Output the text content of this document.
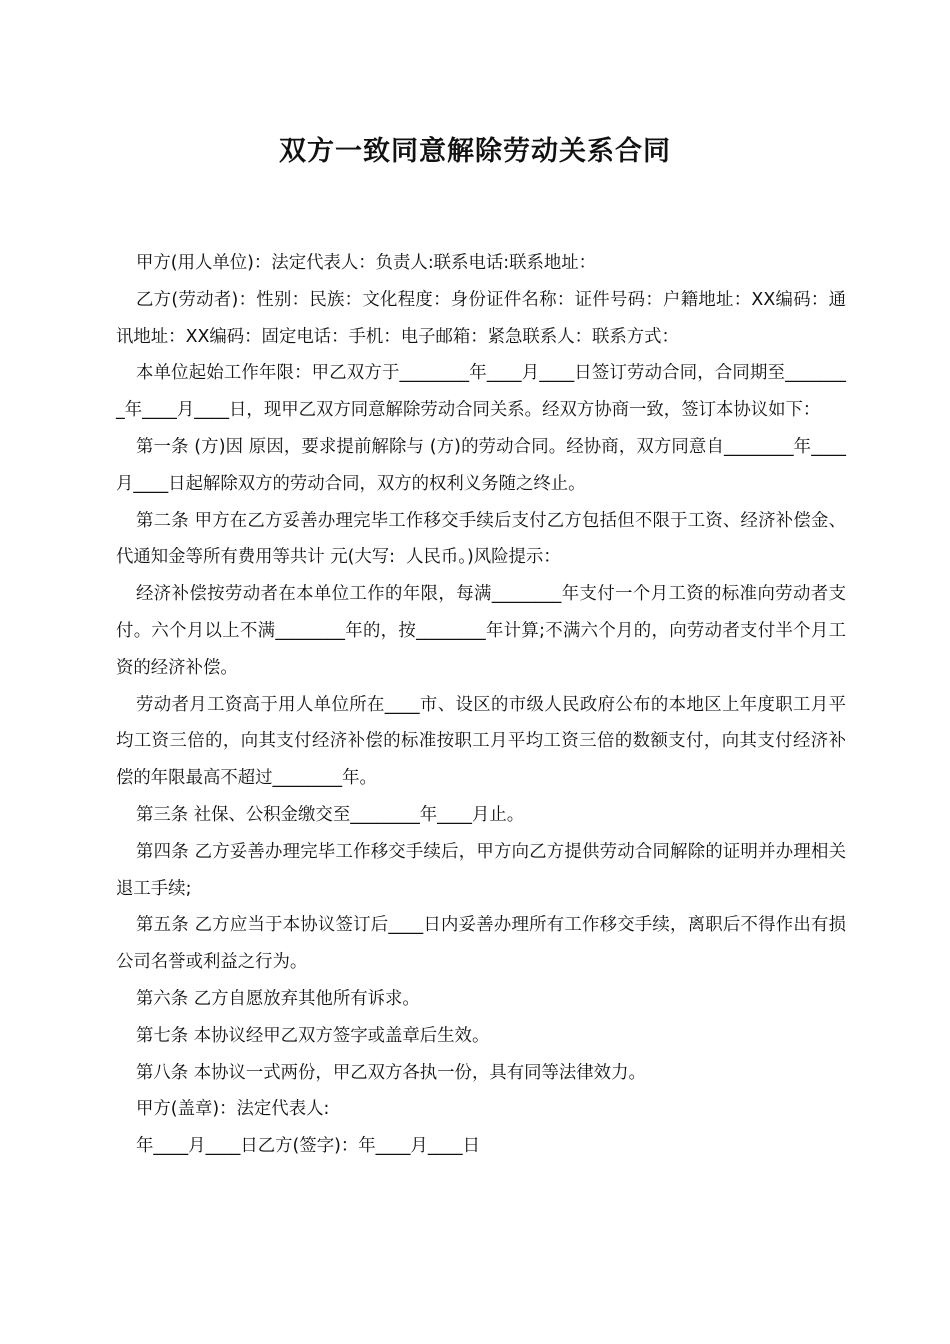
双方一致同意解除劳动关系合同

甲方(用人单位)：法定代表人：负责人:联系电话:联系地址：

乙方(劳动者)：性别：民族：文化程度：身份证件名称：证件号码：户籍地址：XX编码：通讯地址：XX编码：固定电话：手机：电子邮箱：紧急联系人：联系方式：

本单位起始工作年限：甲乙双方于________年____月____日签订劳动合同，合同期至________年____月____日，现甲乙双方同意解除劳动合同关系。经双方协商一致，签订本协议如下：

第一条 (方)因 原因，要求提前解除与 (方)的劳动合同。经协商，双方同意自________年____月____日起解除双方的劳动合同，双方的权利义务随之终止。

第二条 甲方在乙方妥善办理完毕工作移交手续后支付乙方包括但不限于工资、经济补偿金、代通知金等所有费用等共计 元(大写:  人民币。)风险提示：

经济补偿按劳动者在本单位工作的年限，每满________年支付一个月工资的标准向劳动者支付。六个月以上不满________年的，按________年计算;不满六个月的，向劳动者支付半个月工资的经济补偿。

劳动者月工资高于用人单位所在____市、设区的市级人民政府公布的本地区上年度职工月平均工资三倍的，向其支付经济补偿的标准按职工月平均工资三倍的数额支付，向其支付经济补偿的年限最高不超过________年。

第三条 社保、公积金缴交至________年____月止。

第四条 乙方妥善办理完毕工作移交手续后，甲方向乙方提供劳动合同解除的证明并办理相关退工手续;

第五条 乙方应当于本协议签订后____日内妥善办理所有工作移交手续，离职后不得作出有损公司名誉或利益之行为。

第六条 乙方自愿放弃其他所有诉求。

第七条 本协议经甲乙双方签字或盖章后生效。

第八条 本协议一式两份，甲乙双方各执一份，具有同等法律效力。

甲方(盖章)：法定代表人:

年____月____日乙方(签字)：年____月____日
